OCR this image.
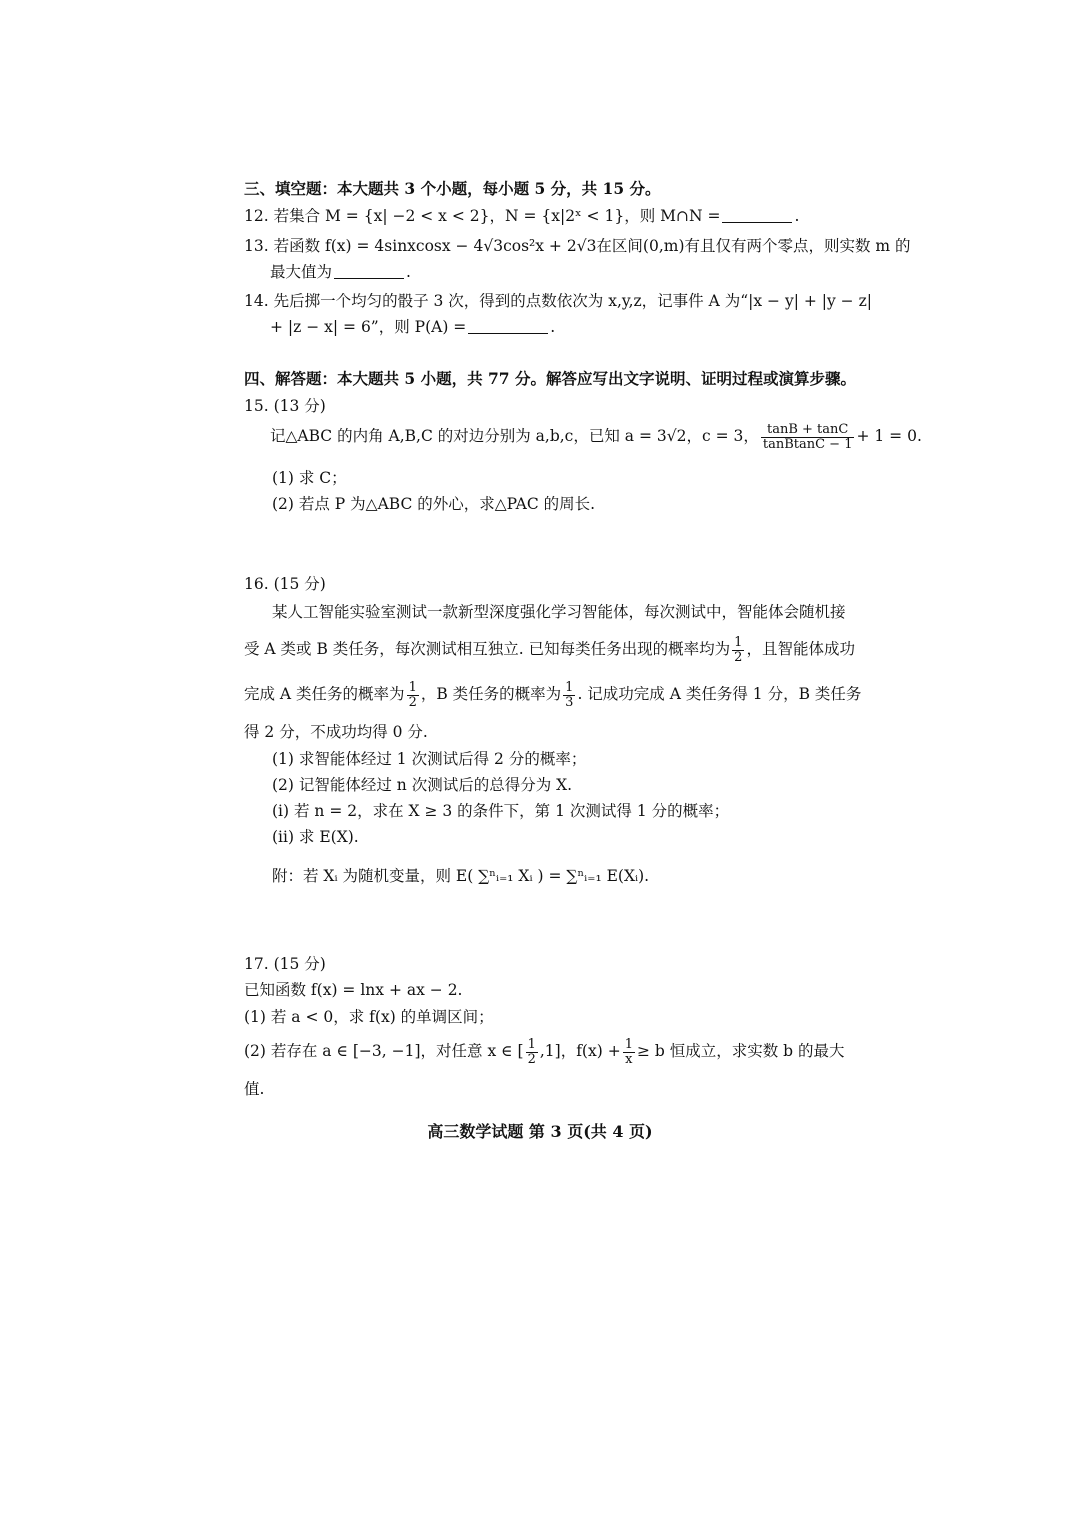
三、填空题：本大题共 3 个小题，每小题 5 分，共 15 分。
12. 若集合 M = {x| −2 < x < 2}，N = {x|2ˣ < 1}，则 M∩N =	.
13. 若函数 f(x) = 4sinxcosx − 4√3cos²x + 2√3在区间(0,m)有且仅有两个零点，则实数 m 的
最大值为	.
14. 先后掷一个均匀的骰子 3 次，得到的点数依次为 x,y,z，记事件 A 为“|x − y| + |y − z|
+ |z − x| = 6”，则 P(A) =	.
四、解答题：本大题共 5 小题，共 77 分。解答应写出文字说明、证明过程或演算步骤。
15. (13 分)
记△ABC 的内角 A,B,C 的对边分别为 a,b,c，已知 a = 3√2，c = 3， $\frac{\tan B + \tan C}{\text{tanBtanC − 1}} + 1 = 0$.
(1) 求 C；
(2) 若点 P 为△ABC 的外心，求△PAC 的周长.
16. (15 分)
某人工智能实验室测试一款新型深度强化学习智能体，每次测试中，智能体会随机接
受 A 类或 B 类任务，每次测试相互独立. 已知每类任务出现的概率均为 $\frac{1}{2}$ ，且智能体成功
完成 A 类任务的概率为 $\frac{1}{2}$ ，B 类任务的概率为 $\frac{1}{3}$ . 记成功完成 A 类任务得 1 分，B 类任务
得 2 分，不成功均得 0 分.
(1) 求智能体经过 1 次测试后得 2 分的概率；
(2) 记智能体经过 n 次测试后的总得分为 X.
(ⅰ) 若 n = 2，求在 X ≥ 3 的条件下，第 1 次测试得 1 分的概率；
(ⅱ) 求 E(X).
附：若 Xᵢ 为随机变量，则 E( ∑ⁿᵢ₌₁ Xᵢ ) = ∑ⁿᵢ₌₁ E(Xᵢ).
17. (15 分)
已知函数 f(x) = lnx + ax − 2.
(1) 若 a < 0，求 f(x) 的单调区间；
(2) 若存在 a ∈ [−3, −1]，对任意 x ∈ [ $\frac{1}{2} ,1$]，$f(x) + \frac{1}{x} \ge b$ 恒成立，求实数 b 的最大
值.
高三数学试题 第 3 页(共 4 页)
